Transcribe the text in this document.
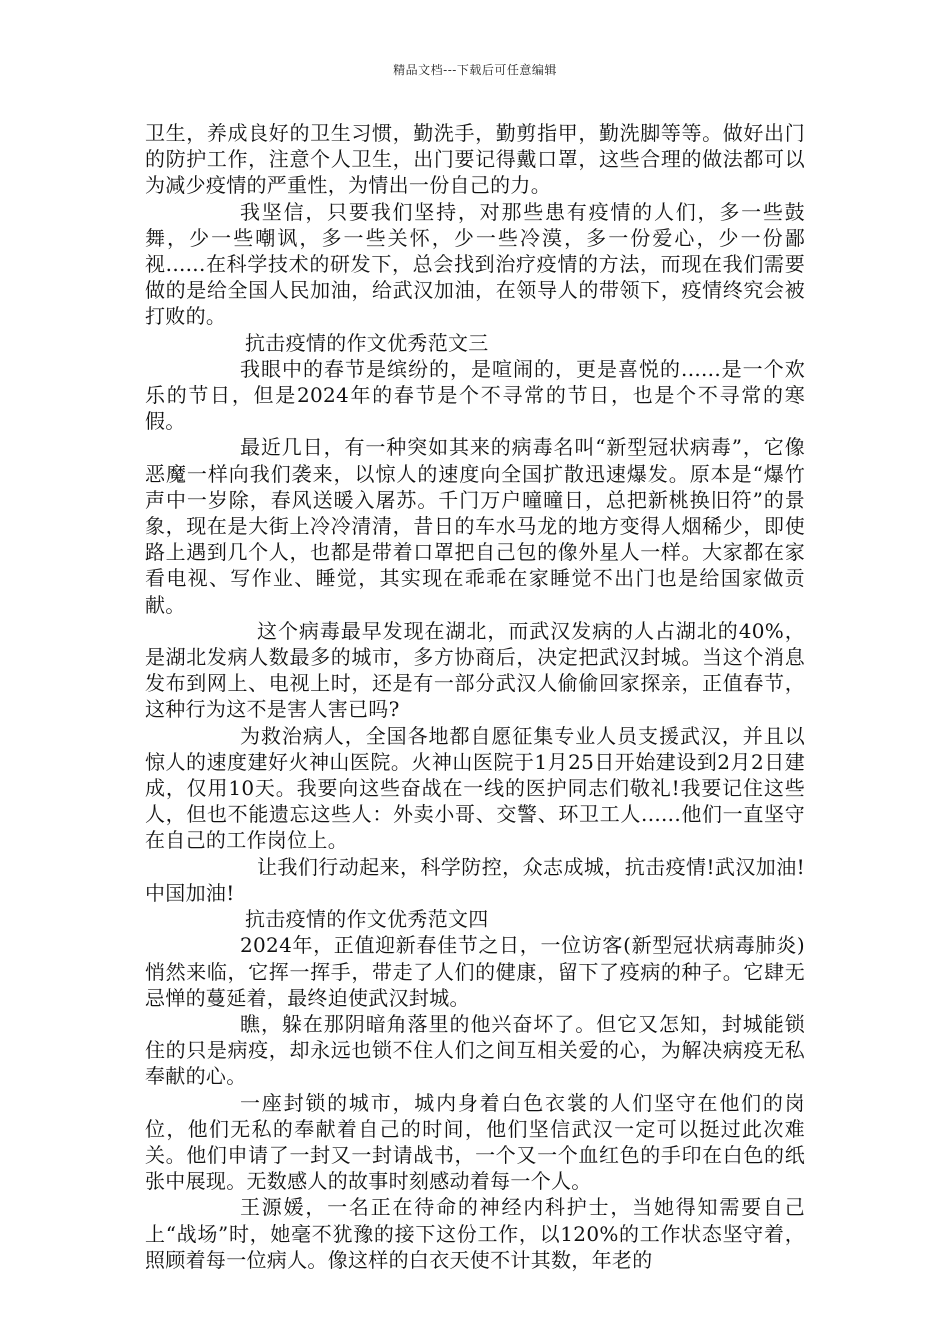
精品文档---下载后可任意编辑

卫生，养成良好的卫生习惯，勤洗手，勤剪指甲，勤洗脚等等。做好出门的防护工作，注意个人卫生，出门要记得戴口罩，这些合理的做法都可以为减少疫情的严重性，为情出一份自己的力。

我坚信，只要我们坚持，对那些患有疫情的人们，多一些鼓舞，少一些嘲讽，多一些关怀，少一些冷漠，多一份爱心，少一份鄙视......在科学技术的研发下，总会找到治疗疫情的方法，而现在我们需要做的是给全国人民加油，给武汉加油，在领导人的带领下，疫情终究会被打败的。

抗击疫情的作文优秀范文三

我眼中的春节是缤纷的，是喧闹的，更是喜悦的......是一个欢乐的节日，但是2024年的春节是个不寻常的节日，也是个不寻常的寒假。

最近几日，有一种突如其来的病毒名叫“新型冠状病毒”，它像恶魔一样向我们袭来，以惊人的速度向全国扩散迅速爆发。原本是“爆竹声中一岁除，春风送暖入屠苏。千门万户曈曈日，总把新桃换旧符”的景象，现在是大街上冷冷清清，昔日的车水马龙的地方变得人烟稀少，即使路上遇到几个人，也都是带着口罩把自己包的像外星人一样。大家都在家看电视、写作业、睡觉，其实现在乖乖在家睡觉不出门也是给国家做贡献。

这个病毒最早发现在湖北，而武汉发病的人占湖北的40%，是湖北发病人数最多的城市，多方协商后，决定把武汉封城。当这个消息发布到网上、电视上时，还是有一部分武汉人偷偷回家探亲，正值春节，这种行为这不是害人害已吗?

为救治病人，全国各地都自愿征集专业人员支援武汉，并且以惊人的速度建好火神山医院。火神山医院于1月25日开始建设到2月2日建成，仅用10天。我要向这些奋战在一线的医护同志们敬礼!我要记住这些人，但也不能遗忘这些人：外卖小哥、交警、环卫工人......他们一直坚守在自己的工作岗位上。

让我们行动起来，科学防控，众志成城，抗击疫情!武汉加油!中国加油!

抗击疫情的作文优秀范文四

2024年，正值迎新春佳节之日，一位访客(新型冠状病毒肺炎)悄然来临，它挥一挥手，带走了人们的健康，留下了疫病的种子。它肆无忌惮的蔓延着，最终迫使武汉封城。

瞧，躲在那阴暗角落里的他兴奋坏了。但它又怎知，封城能锁住的只是病疫，却永远也锁不住人们之间互相关爱的心，为解决病疫无私奉献的心。

一座封锁的城市，城内身着白色衣裳的人们坚守在他们的岗位，他们无私的奉献着自己的时间，他们坚信武汉一定可以挺过此次难关。他们申请了一封又一封请战书，一个又一个血红色的手印在白色的纸张中展现。无数感人的故事时刻感动着每一个人。

王源媛，一名正在待命的神经内科护士，当她得知需要自己上“战场”时，她毫不犹豫的接下这份工作，以120%的工作状态坚守着，照顾着每一位病人。像这样的白衣天使不计其数，年老的
